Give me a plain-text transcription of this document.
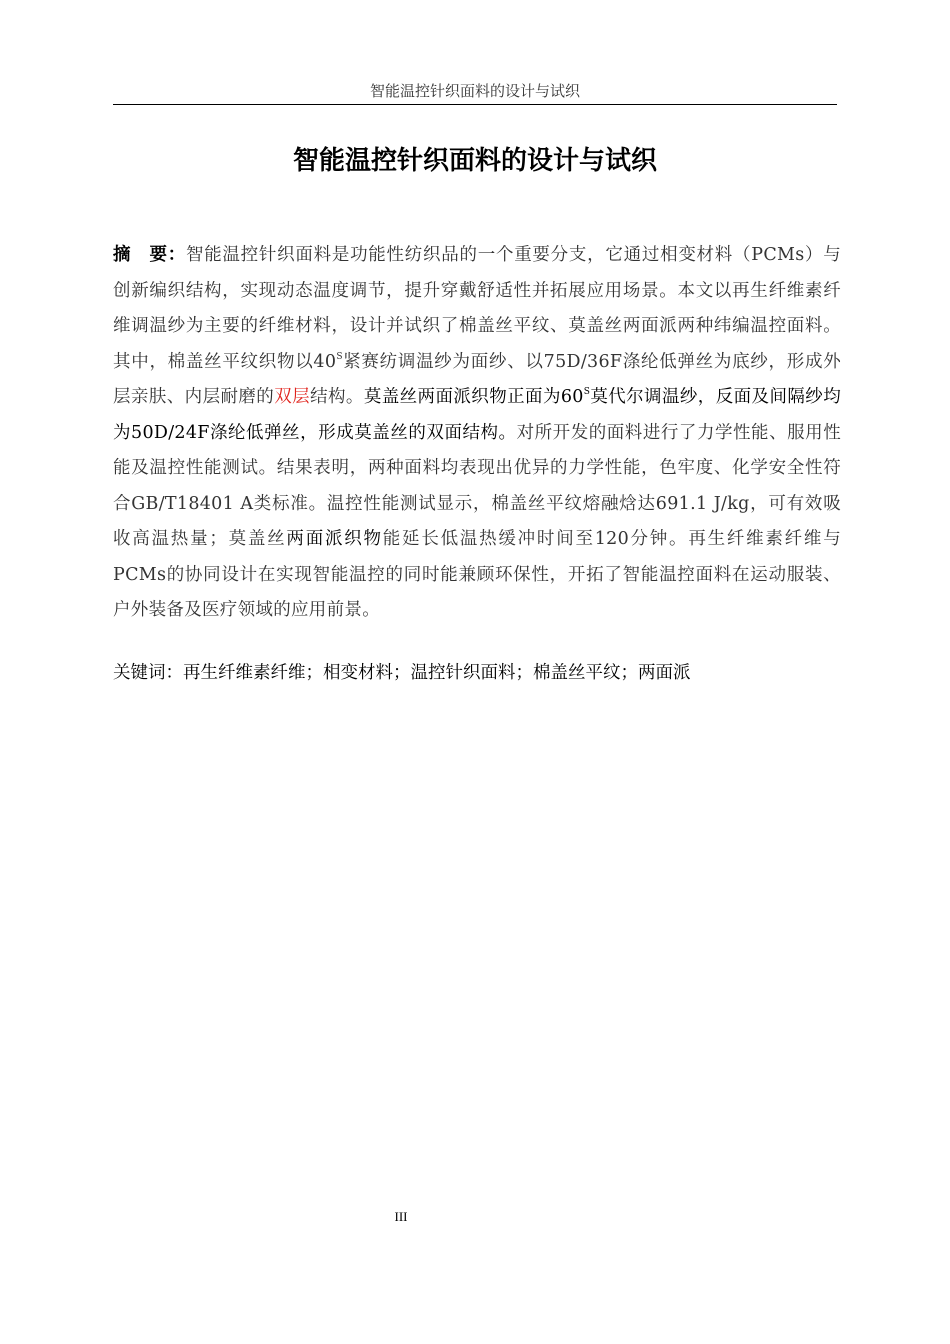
智能温控针织面料的设计与试织
智能温控针织面料的设计与试织

摘　要：智能温控针织面料是功能性纺织品的一个重要分支，它通过相变材料（PCMs）与创新编织结构，实现动态温度调节，提升穿戴舒适性并拓展应用场景。本文以再生纤维素纤维调温纱为主要的纤维材料，设计并试织了棉盖丝平纹、莫盖丝两面派两种纬编温控面料。其中，棉盖丝平纹织物以$40^S$紧赛纺调温纱为面纱、以75D/36F涤纶低弹丝为底纱，形成外层亲肤、内层耐磨的双层结构。莫盖丝两面派织物正面为$60^S$莫代尔调温纱，反面及间隔纱均为50D/24F涤纶低弹丝，形成莫盖丝的双面结构。对所开发的面料进行了力学性能、服用性能及温控性能测试。结果表明，两种面料均表现出优异的力学性能，色牢度、化学安全性符合GB/T18401 A类标准。温控性能测试显示，棉盖丝平纹熔融焓达691.1 J/kg，可有效吸收高温热量；莫盖丝两面派织物能延长低温热缓冲时间至120分钟。再生纤维素纤维与PCMs的协同设计在实现智能温控的同时能兼顾环保性，开拓了智能温控面料在运动服装、户外装备及医疗领域的应用前景。

关键词：再生纤维素纤维；相变材料；温控针织面料；棉盖丝平纹；两面派

III
